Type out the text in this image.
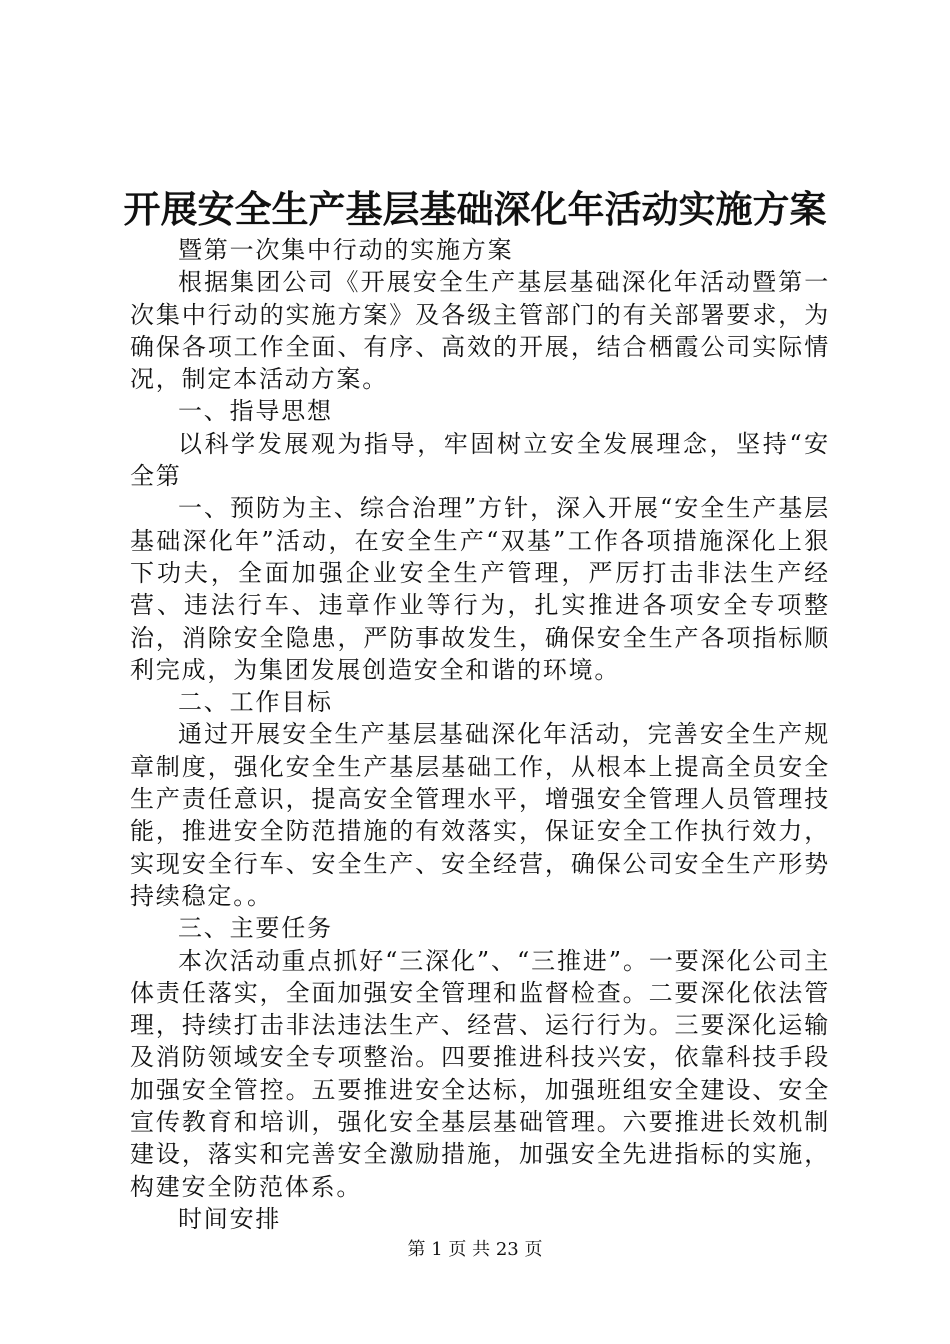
开展安全生产基层基础深化年活动实施方案

暨第一次集中行动的实施方案

根据集团公司《开展安全生产基层基础深化年活动暨第一次集中行动的实施方案》及各级主管部门的有关部署要求，为确保各项工作全面、有序、高效的开展，结合栖霞公司实际情况，制定本活动方案。

一、指导思想

以科学发展观为指导，牢固树立安全发展理念，坚持“安全第

一、预防为主、综合治理”方针，深入开展“安全生产基层基础深化年”活动，在安全生产“双基”工作各项措施深化上狠下功夫，全面加强企业安全生产管理，严厉打击非法生产经营、违法行车、违章作业等行为，扎实推进各项安全专项整治，消除安全隐患，严防事故发生，确保安全生产各项指标顺利完成，为集团发展创造安全和谐的环境。

二、工作目标

通过开展安全生产基层基础深化年活动，完善安全生产规章制度，强化安全生产基层基础工作，从根本上提高全员安全生产责任意识，提高安全管理水平，增强安全管理人员管理技能，推进安全防范措施的有效落实，保证安全工作执行效力，实现安全行车、安全生产、安全经营，确保公司安全生产形势持续稳定。。

三、主要任务

本次活动重点抓好“三深化”、“三推进”。一要深化公司主体责任落实，全面加强安全管理和监督检查。二要深化依法管理，持续打击非法违法生产、经营、运行行为。三要深化运输及消防领域安全专项整治。四要推进科技兴安，依靠科技手段加强安全管控。五要推进安全达标，加强班组安全建设、安全宣传教育和培训，强化安全基层基础管理。六要推进长效机制建设，落实和完善安全激励措施，加强安全先进指标的实施，构建安全防范体系。

时间安排

第 1 页 共 23 页
